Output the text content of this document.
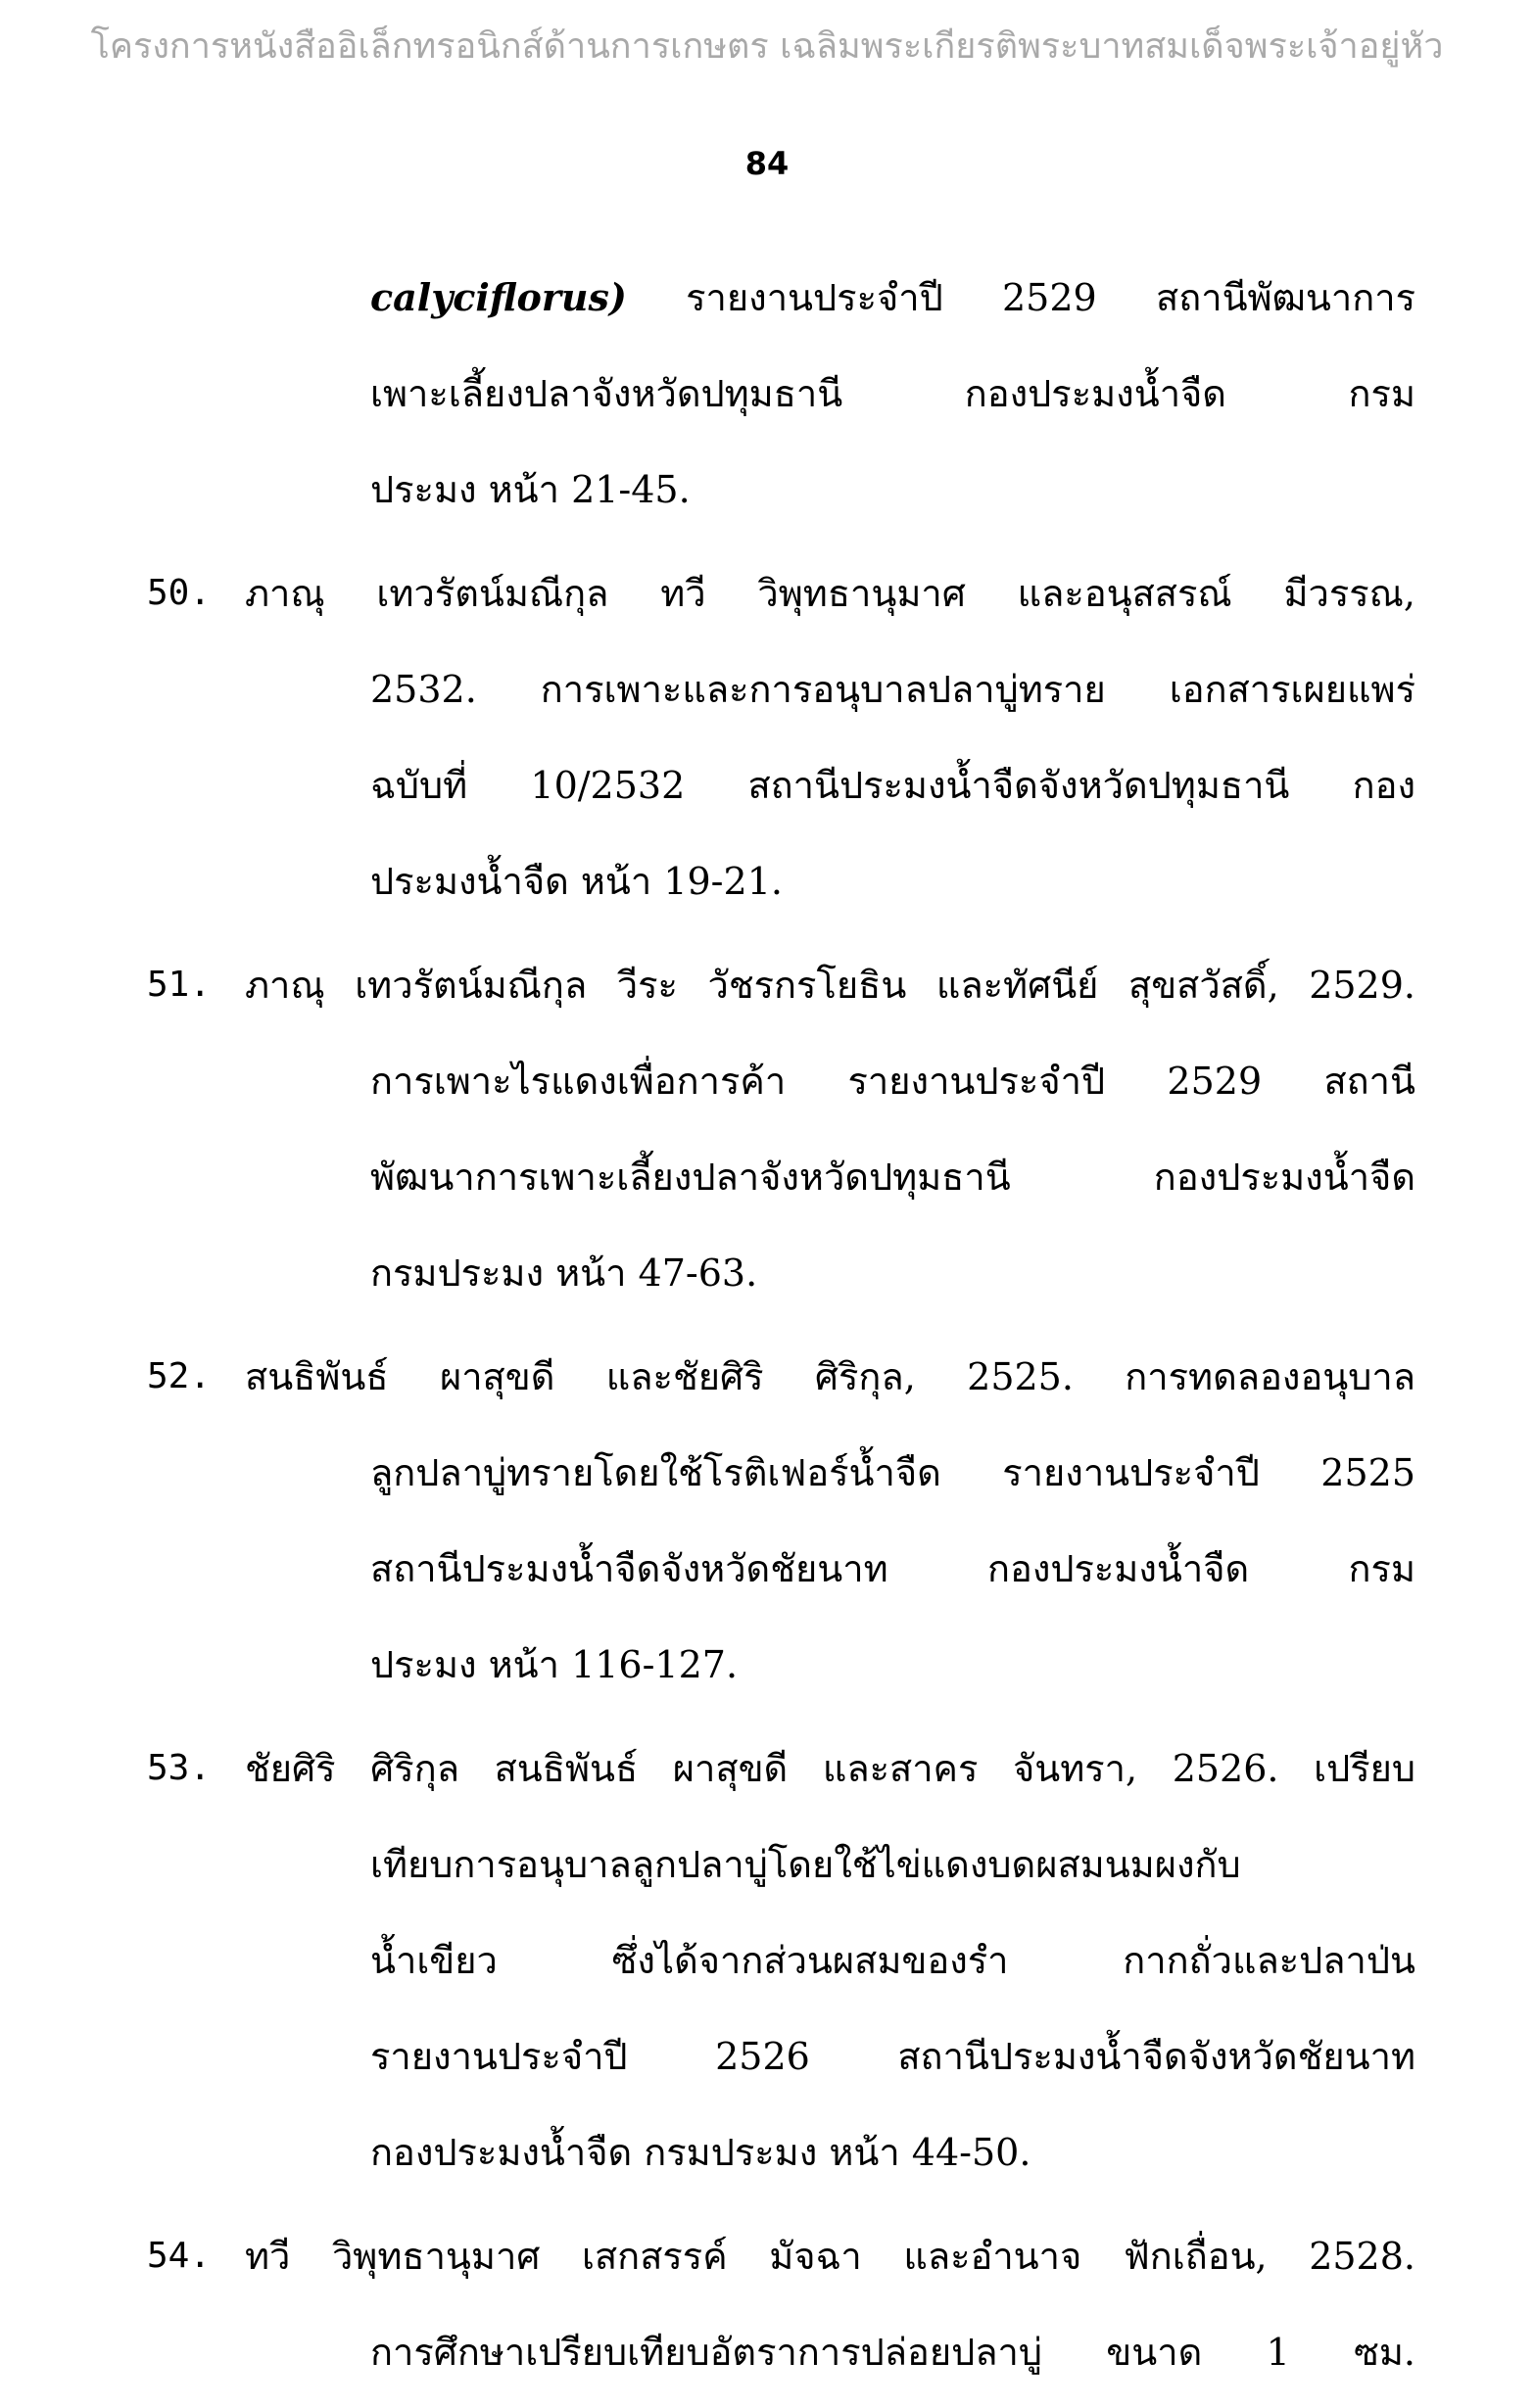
โครงการหนังสืออิเล็กทรอนิกส์ด้านการเกษตร เฉลิมพระเกียรติพระบาทสมเด็จพระเจ้าอยู่หัว
84
calyciflorus) รายงานประจำปี 2529 สถานีพัฒนาการ
เพาะเลี้ยงปลาจังหวัดปทุมธานี กองประมงน้ำจืด กรม
ประมง หน้า 21-45.
50. ภาณุ เทวรัตน์มณีกุล ทวี วิพุทธานุมาศ และอนุสสรณ์ มีวรรณ,
2532. การเพาะและการอนุบาลปลาบู่ทราย เอกสารเผยแพร่
ฉบับที่ 10/2532 สถานีประมงน้ำจืดจังหวัดปทุมธานี กอง
ประมงน้ำจืด หน้า 19-21.
51. ภาณุ เทวรัตน์มณีกุล วีระ วัชรกรโยธิน และทัศนีย์ สุขสวัสดิ์, 2529.
การเพาะไรแดงเพื่อการค้า รายงานประจำปี 2529 สถานี
พัฒนาการเพาะเลี้ยงปลาจังหวัดปทุมธานี กองประมงน้ำจืด
กรมประมง หน้า 47-63.
52. สนธิพันธ์ ผาสุขดี และชัยศิริ ศิริกุล, 2525. การทดลองอนุบาล
ลูกปลาบู่ทรายโดยใช้โรติเฟอร์น้ำจืด รายงานประจำปี 2525
สถานีประมงน้ำจืดจังหวัดชัยนาท กองประมงน้ำจืด กรม
ประมง หน้า 116-127.
53. ชัยศิริ ศิริกุล สนธิพันธ์ ผาสุขดี และสาคร จันทรา, 2526. เปรียบ
เทียบการอนุบาลลูกปลาบู่โดยใช้ไข่แดงบดผสมนมผงกับ
น้ำเขียว ซึ่งได้จากส่วนผสมของรำ กากถั่วและปลาป่น
รายงานประจำปี 2526 สถานีประมงน้ำจืดจังหวัดชัยนาท
กองประมงน้ำจืด กรมประมง หน้า 44-50.
54. ทวี วิพุทธานุมาศ เสกสรรค์ มัจฉา และอำนาจ ฟักเถื่อน, 2528.
การศึกษาเปรียบเทียบอัตราการปล่อยปลาบู่ ขนาด 1 ซม.
